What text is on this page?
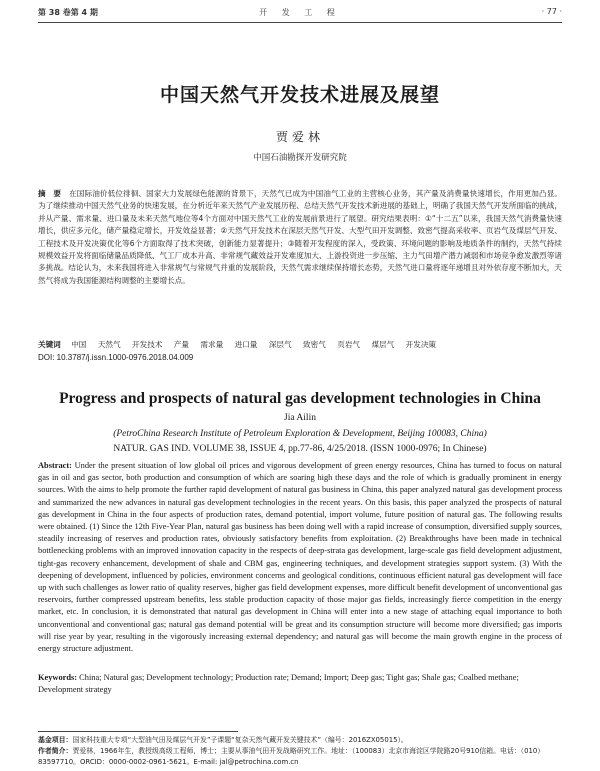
第 38 卷第 4 期	开 发 工 程	· 77 ·
中国天然气开发技术进展及展望
贾爱林
中国石油勘探开发研究院
摘　要 在国际油价低位徘徊、国家大力发展绿色能源的背景下，天然气已成为中国油气工业的主营核心业务，其产量及消费量快速增长，作用更加凸显。为了继续推动中国天然气业务的快速发展，在分析近年来天然气产业发展历程、总结天然气开发技术新进展的基础上，明确了我国天然气开发所面临的挑战，并从产量、需求量、进口量及未来天然气地位等4个方面对中国天然气工业的发展前景进行了展望。研究结果表明：①“十二五”以来，我国天然气消费量快速增长，供应多元化，储产量稳定增长，开发效益显著；②天然气开发技术在深层天然气开发、大型气田开发调整、致密气提高采收率、页岩气及煤层气开发、工程技术及开发决策优化等6个方面取得了技术突破，创新能力显著提升；③随着开发程度的深入，受政策、环境问题的影响及地质条件的制约，天然气持续规模效益开发将面临储量品质降低、气工厂成本升高、非常规气藏效益开发难度加大、上游投资进一步压缩、主力气田增产潜力减弱和市场竞争愈发激烈等诸多挑战。结论认为，未来我国将进入非常规气与常规气并重的发展阶段，天然气需求继续保持增长态势，天然气进口量将逐年递增且对外依存度不断加大，天然气将成为我国能源结构调整的主要增长点。
关键词 中国 天然气 开发技术 产量 需求量 进口量 深层气 致密气 页岩气 煤层气 开发决策
DOI: 10.3787/j.issn.1000-0976.2018.04.009
Progress and prospects of natural gas development technologies in China
Jia Ailin
(PetroChina Research Institute of Petroleum Exploration & Development, Beijing 100083, China)
NATUR. GAS IND. VOLUME 38, ISSUE 4, pp.77-86, 4/25/2018. (ISSN 1000-0976; In Chinese)
Abstract: Under the present situation of low global oil prices and vigorous development of green energy resources, China has turned to focus on natural gas in oil and gas sector, both production and consumption of which are soaring high these days and the role of which is gradually prominent in energy sources. With the aims to help promote the further rapid development of natural gas business in China, this paper analyzed natural gas development process and summarized the new advances in natural gas development technologies in the recent years. On this basis, this paper analyzed the prospects of natural gas development in China in the four aspects of production rates, demand potential, import volume, future position of natural gas. The following results were obtained. (1) Since the 12th Five-Year Plan, natural gas business has been doing well with a rapid increase of consumption, diversified supply sources, steadily increasing of reserves and production rates, obviously satisfactory benefits from exploitation. (2) Breakthroughs have been made in technical bottlenecking problems with an improved innovation capacity in the respects of deep-strata gas development, large-scale gas field development adjustment, tight-gas recovery enhancement, development of shale and CBM gas, engineering techniques, and development strategies support system. (3) With the deepening of development, influenced by policies, environment concerns and geological conditions, continuous efficient natural gas development will face up with such challenges as lower ratio of quality reserves, higher gas field development expenses, more difficult benefit development of unconventional gas reservoirs, further compressed upstream benefits, less stable production capacity of those major gas fields, increasingly fierce competition in the energy market, etc. In conclusion, it is demonstrated that natural gas development in China will enter into a new stage of attaching equal importance to both unconventional and conventional gas; natural gas demand potential will be great and its consumption structure will become more diversified; gas imports will rise year by year, resulting in the vigorously increasing external dependency; and natural gas will become the main growth engine in the process of energy structure adjustment.
Keywords: China; Natural gas; Development technology; Production rate; Demand; Import; Deep gas; Tight gas; Shale gas; Coalbed methane; Development strategy
基金项目：国家科技重大专项“大型油气田及煤层气开发”子课题“复杂天然气藏开发关键技术”（编号：2016ZX05015）。
作者简介：贾爱林，1966年生，教授级高级工程师，博士；主要从事油气田开发战略研究工作。地址：（100083）北京市海淀区学院路20号910信箱。电话：（010）83597710。ORCID：0000-0002-0961-5621。E-mail: jal@petrochina.com.cn
